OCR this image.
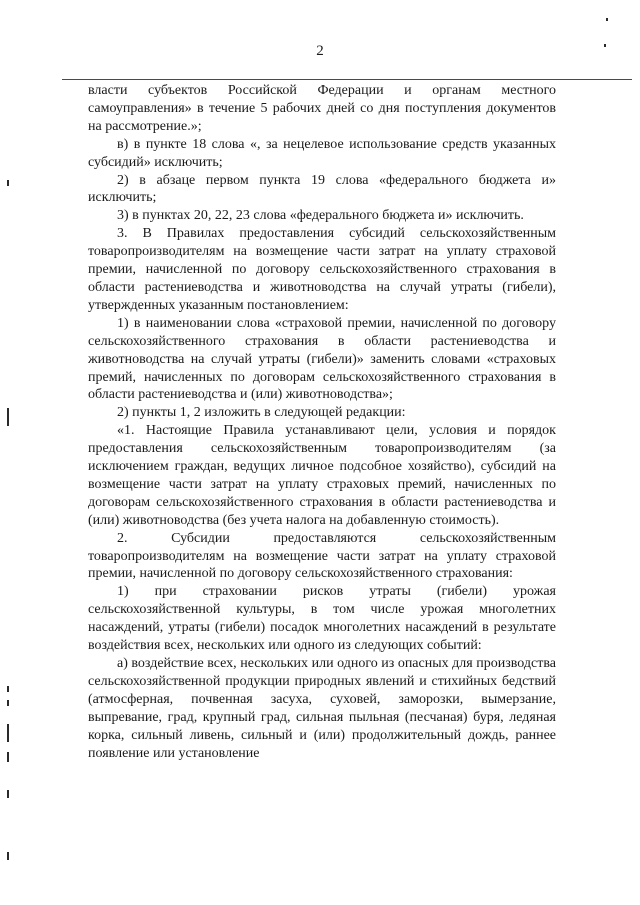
2

власти субъектов Российской Федерации и органам местного самоуправления» в течение 5 рабочих дней со дня поступления документов на рассмотрение.»;

в) в пункте 18 слова «, за нецелевое использование средств указанных субсидий» исключить;

2) в абзаце первом пункта 19 слова «федерального бюджета и» исключить;

3) в пунктах 20, 22, 23 слова «федерального бюджета и» исключить.

3. В Правилах предоставления субсидий сельскохозяйственным товаропроизводителям на возмещение части затрат на уплату страховой премии, начисленной по договору сельскохозяйственного страхования в области растениеводства и животноводства на случай утраты (гибели), утвержденных указанным постановлением:

1) в наименовании слова «страховой премии, начисленной по договору сельскохозяйственного страхования в области растениеводства и животноводства на случай утраты (гибели)» заменить словами «страховых премий, начисленных по договорам сельскохозяйственного страхования в области растениеводства и (или) животноводства»;

2) пункты 1, 2 изложить в следующей редакции:

«1. Настоящие Правила устанавливают цели, условия и порядок предоставления сельскохозяйственным товаропроизводителям (за исключением граждан, ведущих личное подсобное хозяйство), субсидий на возмещение части затрат на уплату страховых премий, начисленных по договорам сельскохозяйственного страхования в области растениеводства и (или) животноводства (без учета налога на добавленную стоимость).

2. Субсидии предоставляются сельскохозяйственным товаропроизводителям на возмещение части затрат на уплату страховой премии, начисленной по договору сельскохозяйственного страхования:

1) при страховании рисков утраты (гибели) урожая сельскохозяйственной культуры, в том числе урожая многолетних насаждений, утраты (гибели) посадок многолетних насаждений в результате воздействия всех, нескольких или одного из следующих событий:

а) воздействие всех, нескольких или одного из опасных для производства сельскохозяйственной продукции природных явлений и стихийных бедствий (атмосферная, почвенная засуха, суховей, заморозки, вымерзание, выпревание, град, крупный град, сильная пыльная (песчаная) буря, ледяная корка, сильный ливень, сильный и (или) продолжительный дождь, раннее появление или установление
